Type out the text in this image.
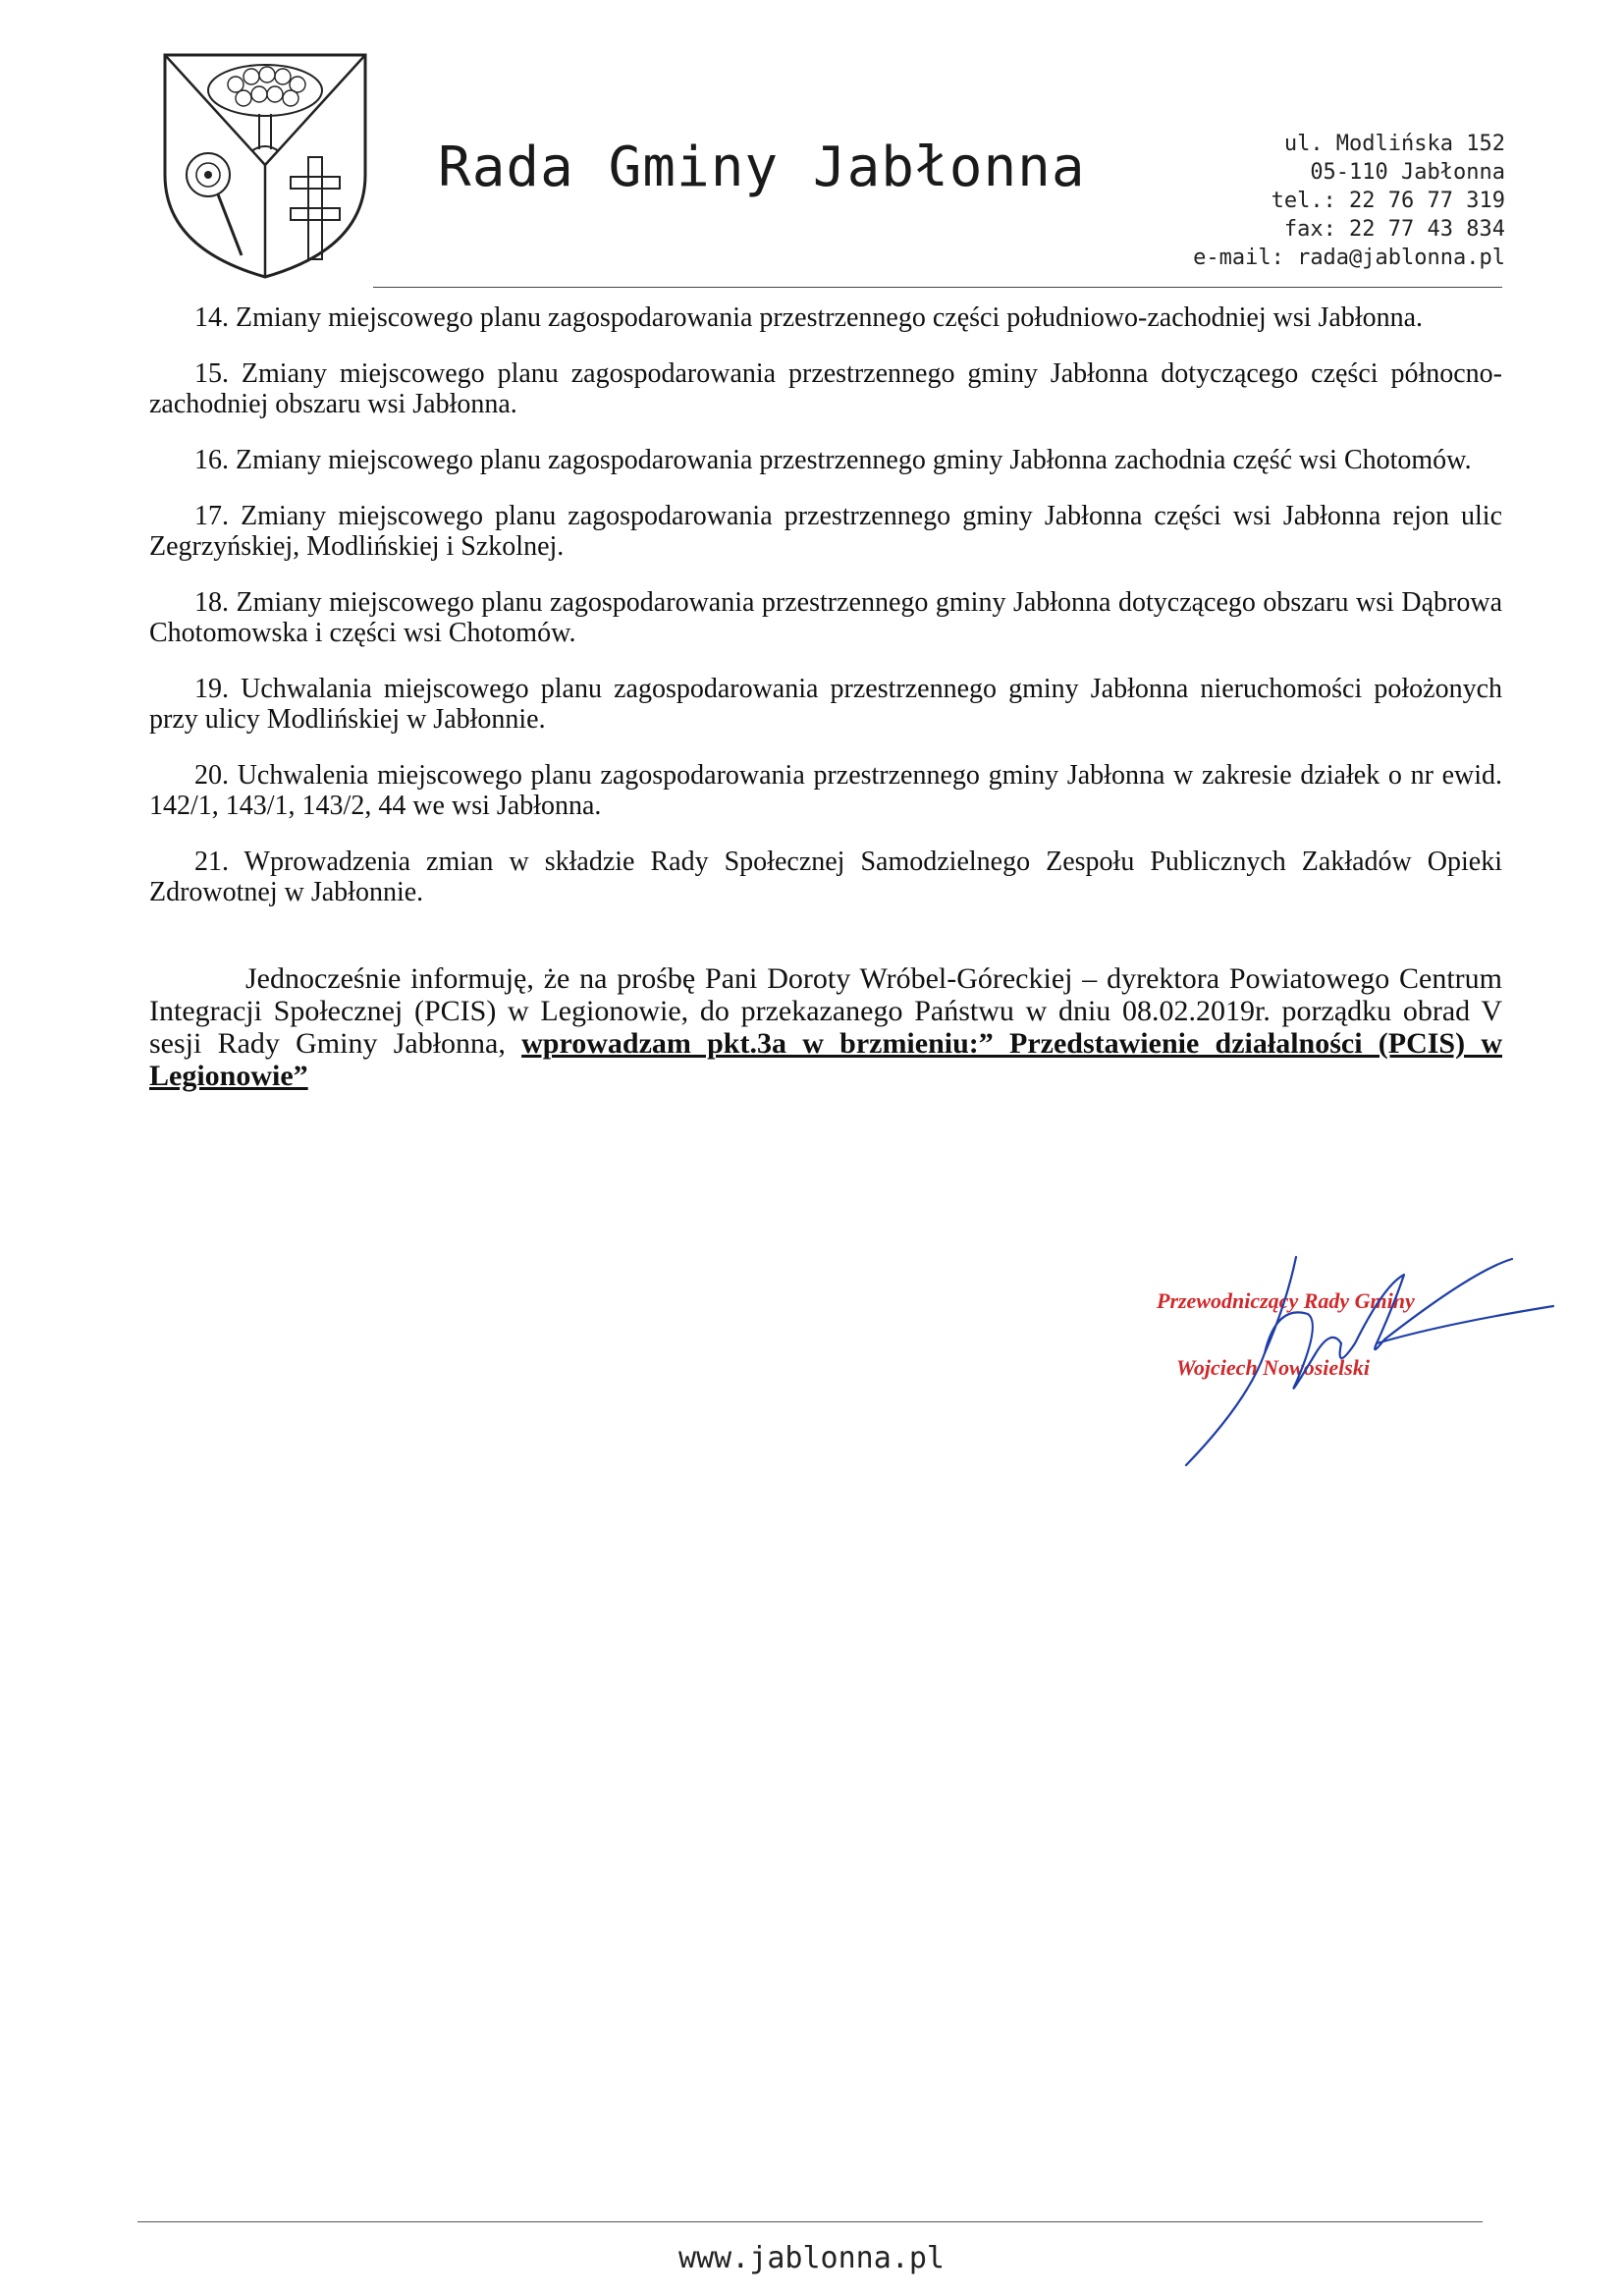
Rada Gminy Jabłonna	ul. Modlińska 152
05-110 Jabłonna
tel.: 22 76 77 319
fax: 22 77 43 834
e-mail: rada@jablonna.pl

14. Zmiany miejscowego planu zagospodarowania przestrzennego części południowo-zachodniej wsi Jabłonna.

15. Zmiany miejscowego planu zagospodarowania przestrzennego gminy Jabłonna dotyczącego części północno-zachodniej obszaru wsi Jabłonna.

16. Zmiany miejscowego planu zagospodarowania przestrzennego gminy Jabłonna zachodnia część wsi Chotomów.

17. Zmiany miejscowego planu zagospodarowania przestrzennego gminy Jabłonna części wsi Jabłonna rejon ulic Zegrzyńskiej, Modlińskiej i Szkolnej.

18. Zmiany miejscowego planu zagospodarowania przestrzennego gminy Jabłonna dotyczącego obszaru wsi Dąbrowa Chotomowska i części wsi Chotomów.

19. Uchwalania miejscowego planu zagospodarowania przestrzennego gminy Jabłonna nieruchomości położonych przy ulicy Modlińskiej w Jabłonnie.

20. Uchwalenia miejscowego planu zagospodarowania przestrzennego gminy Jabłonna w zakresie działek o nr ewid. 142/1, 143/1, 143/2, 44 we wsi Jabłonna.

21. Wprowadzenia zmian w składzie Rady Społecznej Samodzielnego Zespołu Publicznych Zakładów Opieki Zdrowotnej w Jabłonnie.

Jednocześnie informuję, że na prośbę Pani Doroty Wróbel-Góreckiej – dyrektora Powiatowego Centrum Integracji Społecznej (PCIS) w Legionowie, do przekazanego Państwu w dniu 08.02.2019r. porządku obrad V sesji Rady Gminy Jabłonna, wprowadzam pkt.3a w brzmieniu:” Przedstawienie działalności (PCIS) w Legionowie”

Przewodniczący Rady Gminy
Wojciech Nowosielski
www.jablonna.pl
